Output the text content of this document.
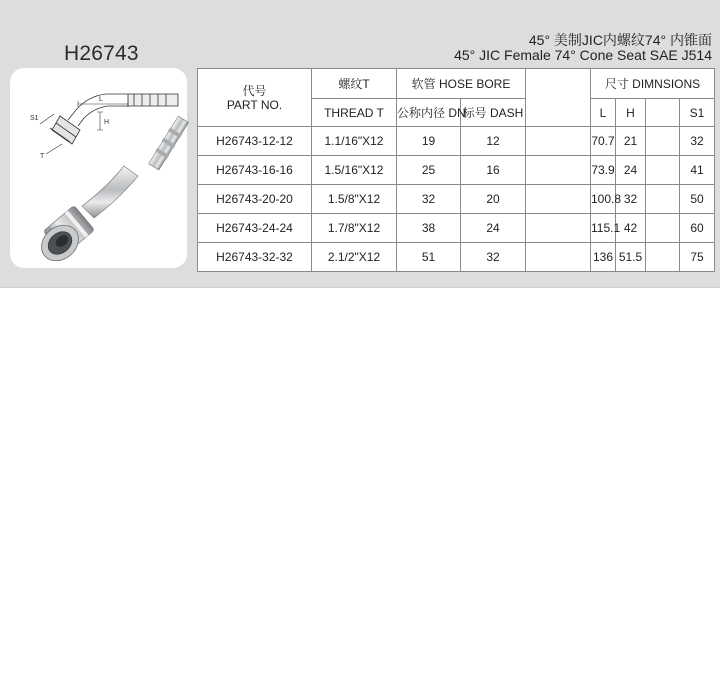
H26743
45° 美制JIC内螺纹74° 内锥面
45° JIC Female 74° Cone Seat SAE J514
L
H
S1
T
代号
PART NO.	螺纹T	软管 HOSE BORE			尺寸 DIMNSIONS			
	THREAD T	公称内径 DN	标号 DASH		L	H		S1
H26743-12-12	1.1/16"X12	19	12		70.7	21		32
H26743-16-16	1.5/16"X12	25	16		73.9	24		41
H26743-20-20	1.5/8"X12	32	20		100.8	32		50
H26743-24-24	1.7/8"X12	38	24		115.1	42		60
H26743-32-32	2.1/2"X12	51	32		136	51.5		75
